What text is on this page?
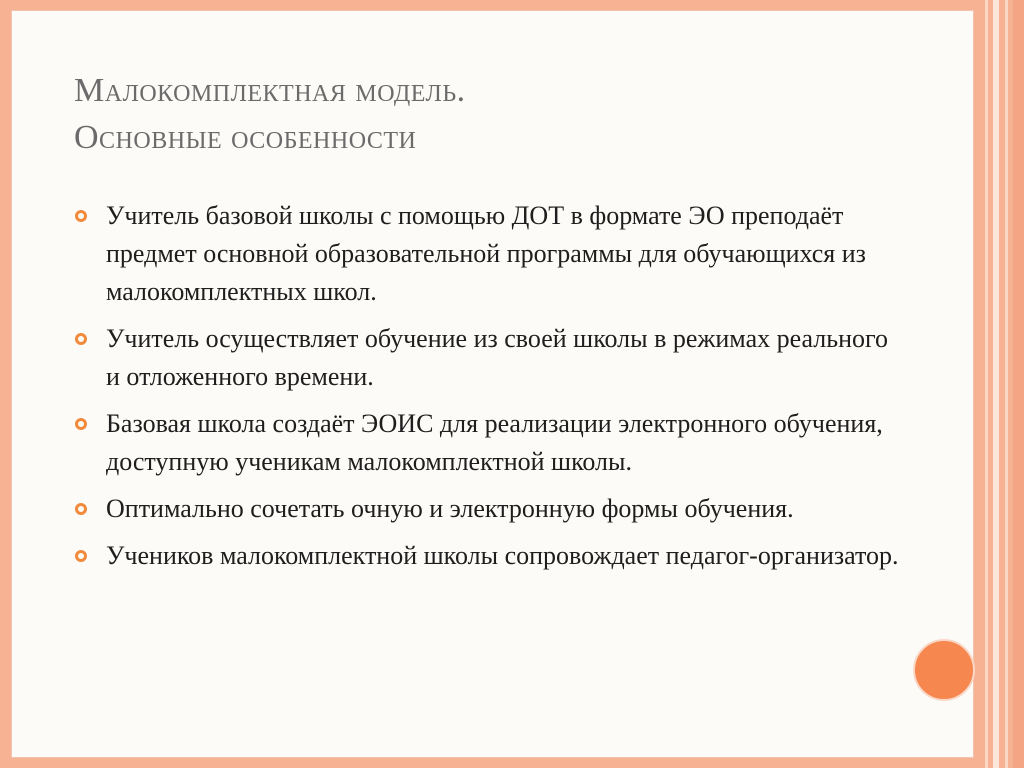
Малокомплектная модель.
Основные особенности
Учитель базовой школы с помощью ДОТ в формате ЭО преподаёт предмет основной образовательной программы для обучающихся из малокомплектных школ.
Учитель осуществляет обучение из своей школы в режимах реального и отложенного времени.
Базовая школа создаёт ЭОИС для реализации электронного обучения, доступную ученикам малокомплектной школы.
Оптимально сочетать очную и электронную формы обучения.
Учеников малокомплектной школы сопровождает педагог-организатор.
